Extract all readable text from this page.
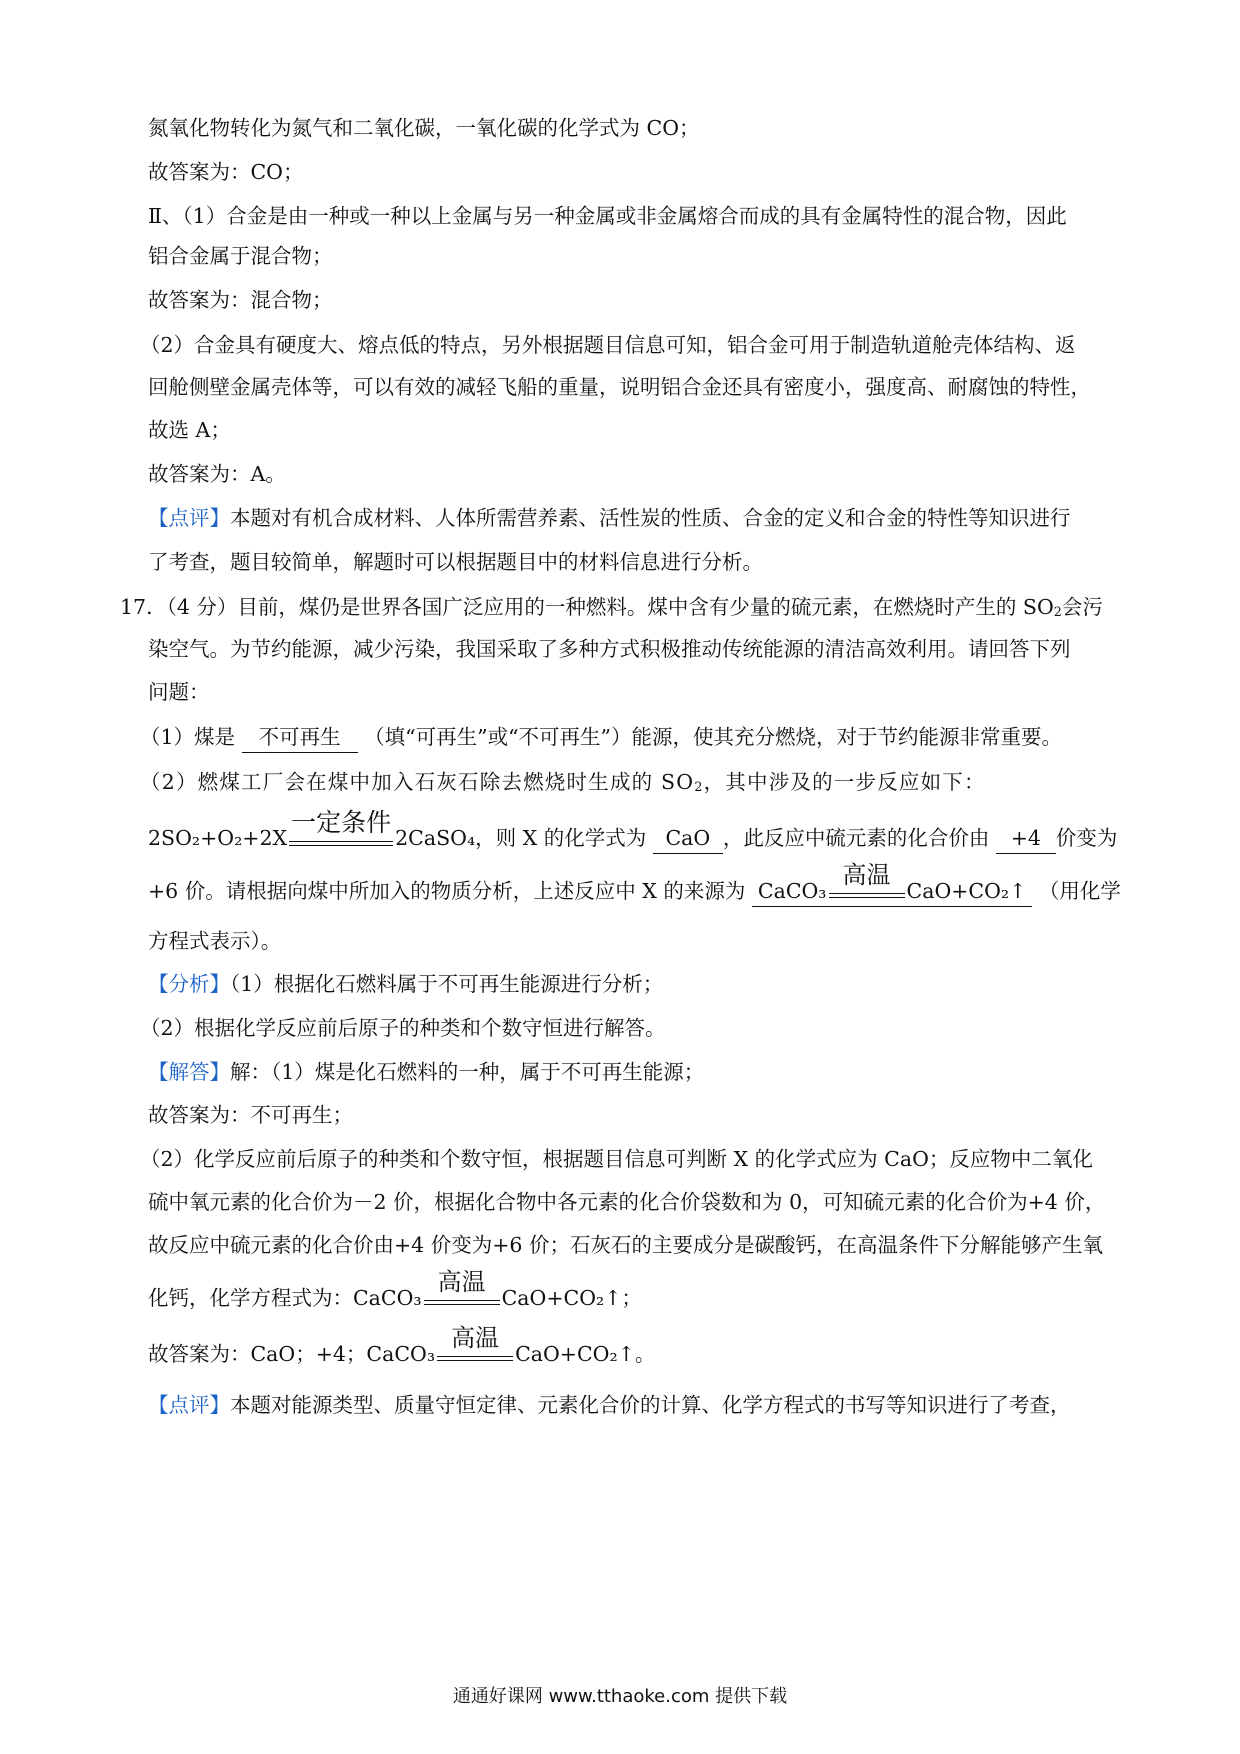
氮氧化物转化为氮气和二氧化碳，一氧化碳的化学式为 CO；
故答案为：CO；
Ⅱ、（1）合金是由一种或一种以上金属与另一种金属或非金属熔合而成的具有金属特性的混合物，因此
铝合金属于混合物；
故答案为：混合物；
（2）合金具有硬度大、熔点低的特点，另外根据题目信息可知，铝合金可用于制造轨道舱壳体结构、返
回舱侧壁金属壳体等，可以有效的减轻飞船的重量，说明铝合金还具有密度小，强度高、耐腐蚀的特性，
故选 A；
故答案为：A。
【点评】本题对有机合成材料、人体所需营养素、活性炭的性质、合金的定义和合金的特性等知识进行
了考查，题目较简单，解题时可以根据题目中的材料信息进行分析。
17．（4 分）目前，煤仍是世界各国广泛应用的一种燃料。煤中含有少量的硫元素，在燃烧时产生的 $SO_2$会污
染空气。为节约能源，减少污染，我国采取了多种方式积极推动传统能源的清洁高效利用。请回答下列
问题：
（1）煤是 不可再生 （填“可再生”或“不可再生”）能源，使其充分燃烧，对于节约能源非常重要。
（2）燃煤工厂会在煤中加入石灰石除去燃烧时生成的 $SO_2$，其中涉及的一步反应如下：
2SO₂+O₂+2X
一定条件
2CaSO₄，则 X 的化学式为 CaO ，此反应中硫元素的化合价由 +4 价变为
+6 价。请根据向煤中所加入的物质分析，上述反应中 X 的来源为 CaCO₃
高温
CaO+CO₂↑ （用化学
方程式表示）。
【分析】（1）根据化石燃料属于不可再生能源进行分析；
（2）根据化学反应前后原子的种类和个数守恒进行解答。
【解答】解：（1）煤是化石燃料的一种，属于不可再生能源；
故答案为：不可再生；
（2）化学反应前后原子的种类和个数守恒，根据题目信息可判断 X 的化学式应为 CaO；反应物中二氧化
硫中氧元素的化合价为－2 价，根据化合物中各元素的化合价袋数和为 0，可知硫元素的化合价为+4 价，
故反应中硫元素的化合价由+4 价变为+6 价；石灰石的主要成分是碳酸钙，在高温条件下分解能够产生氧
化钙，化学方程式为：CaCO₃
高温
CaO+CO₂↑；
故答案为：CaO；+4；CaCO₃
高温
CaO+CO₂↑。
【点评】本题对能源类型、质量守恒定律、元素化合价的计算、化学方程式的书写等知识进行了考查，
通通好课网 www.tthaoke.com 提供下载
